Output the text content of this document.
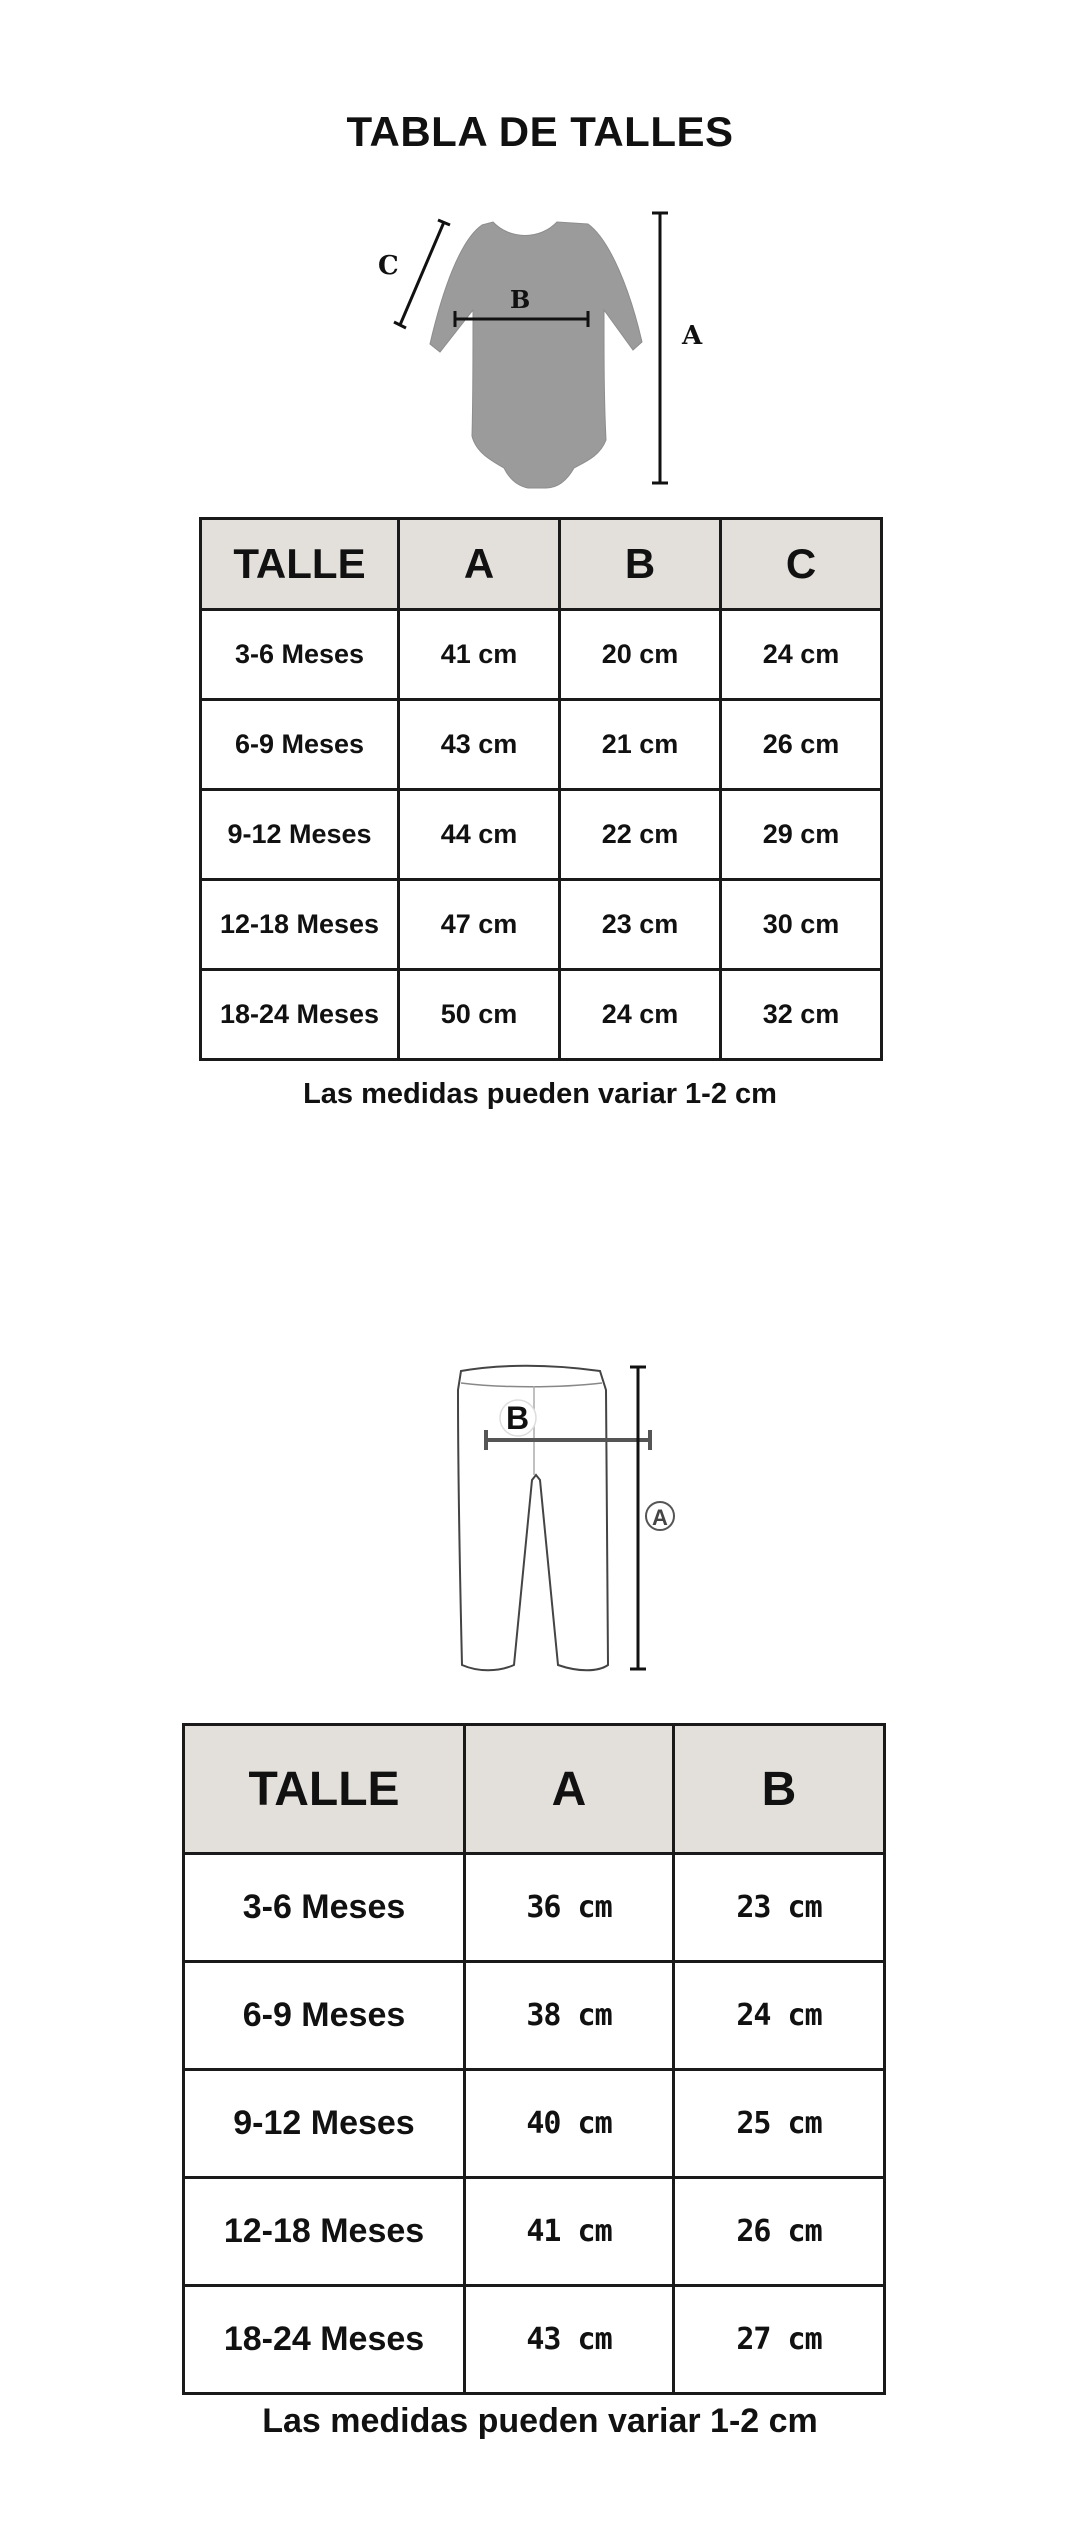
TABLA DE TALLES
C
B
A
TALLE	A	B	C
3-6 Meses	41 cm	20 cm	24 cm
6-9 Meses	43 cm	21 cm	26 cm
9-12 Meses	44 cm	22 cm	29 cm
12-18 Meses	47 cm	23 cm	30 cm
18-24 Meses	50 cm	24 cm	32 cm
Las medidas pueden variar 1-2 cm
B
A
TALLE	A	B
3-6 Meses	36 cm	23 cm
6-9 Meses	38 cm	24 cm
9-12 Meses	40 cm	25 cm
12-18 Meses	41 cm	26 cm
18-24 Meses	43 cm	27 cm
Las medidas pueden variar 1-2 cm
